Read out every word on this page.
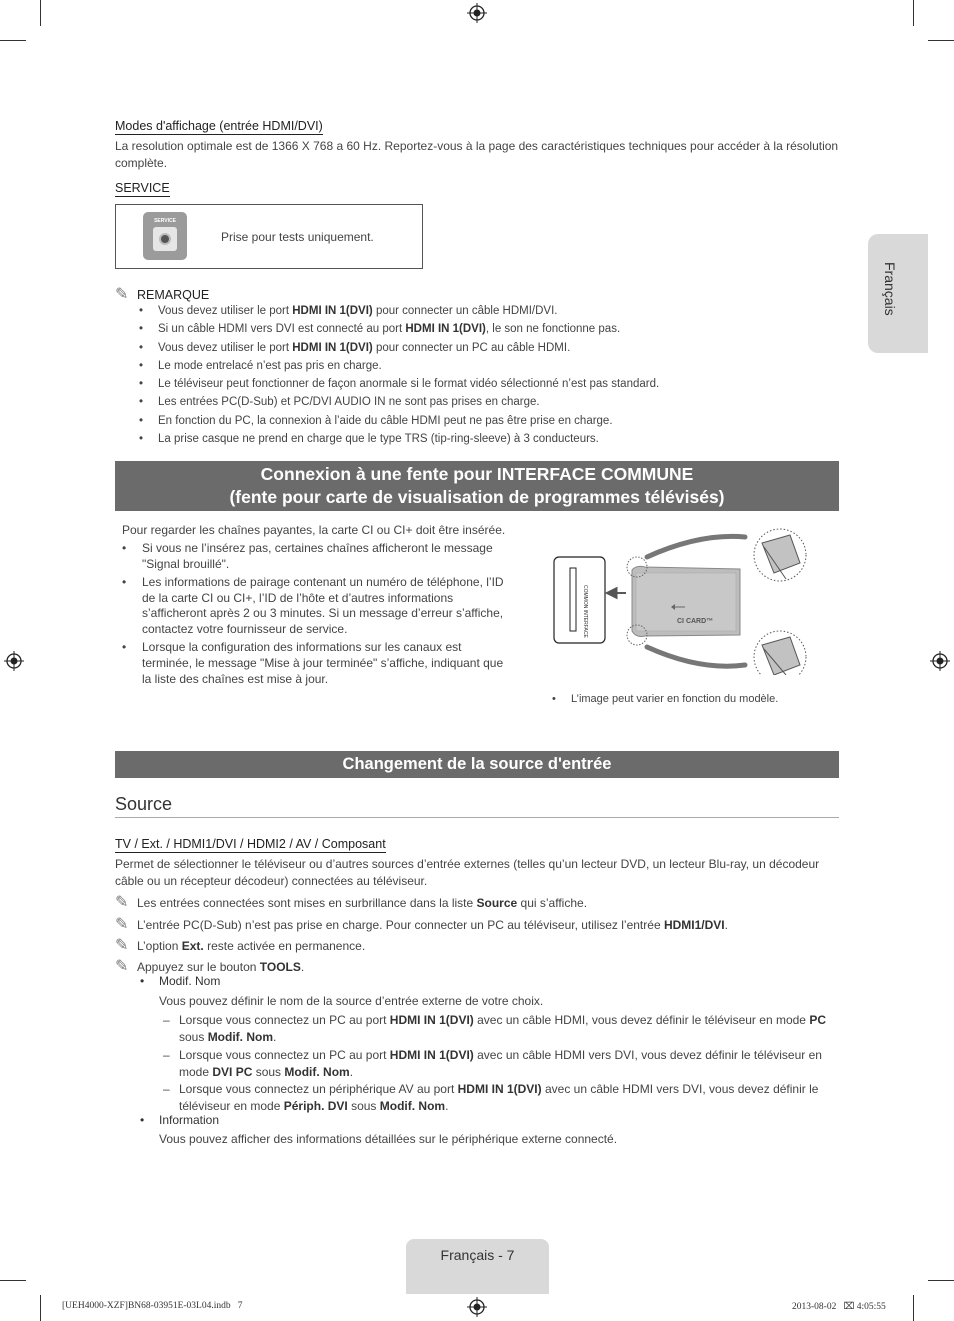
Français
Modes d'affichage (entrée HDMI/DVI)
La resolution optimale est de 1366 X 768 a 60 Hz. Reportez-vous à la page des caractéristiques techniques pour accéder à la résolution complète.
SERVICE
SERVICE
Prise pour tests uniquement.
✎ REMARQUE
• Vous devez utiliser le port HDMI IN 1(DVI) pour connecter un câble HDMI/DVI.
• Si un câble HDMI vers DVI est connecté au port HDMI IN 1(DVI), le son ne fonctionne pas.
• Vous devez utiliser le port HDMI IN 1(DVI) pour connecter un PC au câble HDMI.
• Le mode entrelacé n’est pas pris en charge.
• Le téléviseur peut fonctionner de façon anormale si le format vidéo sélectionné n’est pas standard.
• Les entrées PC(D-Sub) et PC/DVI AUDIO IN ne sont pas prises en charge.
• En fonction du PC, la connexion à l’aide du câble HDMI peut ne pas être prise en charge.
• La prise casque ne prend en charge que le type TRS (tip-ring-sleeve) à 3 conducteurs.
Connexion à une fente pour INTERFACE COMMUNE
(fente pour carte de visualisation de programmes télévisés)
Pour regarder les chaînes payantes, la carte CI ou CI+ doit être insérée.
• Si vous ne l’insérez pas, certaines chaînes afficheront le message "Signal brouillé".
• Les informations de pairage contenant un numéro de téléphone, l’ID de la carte CI ou CI+, l’ID de l’hôte et d’autres informations s’afficheront après 2 ou 3 minutes. Si un message d’erreur s’affiche, contactez votre fournisseur de service.
• Lorsque la configuration des informations sur les canaux est terminée, le message "Mise à jour terminée" s’affiche, indiquant que la liste des chaînes est mise à jour.
COMMON INTERFACE	CI CARD™
• L’image peut varier en fonction du modèle.
Changement de la source d'entrée
Source
TV / Ext. / HDMI1/DVI / HDMI2 / AV / Composant
Permet de sélectionner le téléviseur ou d’autres sources d’entrée externes (telles qu’un lecteur DVD, un lecteur Blu-ray, un décodeur câble ou un récepteur décodeur) connectées au téléviseur.
✎ Les entrées connectées sont mises en surbrillance dans la liste Source qui s’affiche.
✎ L’entrée PC(D-Sub) n’est pas prise en charge. Pour connecter un PC au téléviseur, utilisez l’entrée HDMI1/DVI.
✎ L’option Ext. reste activée en permanence.
✎ Appuyez sur le bouton TOOLS.
• Modif. Nom
Vous pouvez définir le nom de la source d’entrée externe de votre choix.
– Lorsque vous connectez un PC au port HDMI IN 1(DVI) avec un câble HDMI, vous devez définir le téléviseur en mode PC sous Modif. Nom.
– Lorsque vous connectez un PC au port HDMI IN 1(DVI) avec un câble HDMI vers DVI, vous devez définir le téléviseur en mode DVI PC sous Modif. Nom.
– Lorsque vous connectez un périphérique AV au port HDMI IN 1(DVI) avec un câble HDMI vers DVI, vous devez définir le téléviseur en mode Périph. DVI sous Modif. Nom.
• Information
Vous pouvez afficher des informations détaillées sur le périphérique externe connecté.
Français - 7
[UEH4000-XZF]BN68-03951E-03L04.indb   7	2013-08-02   ⌧ 4:05:55
